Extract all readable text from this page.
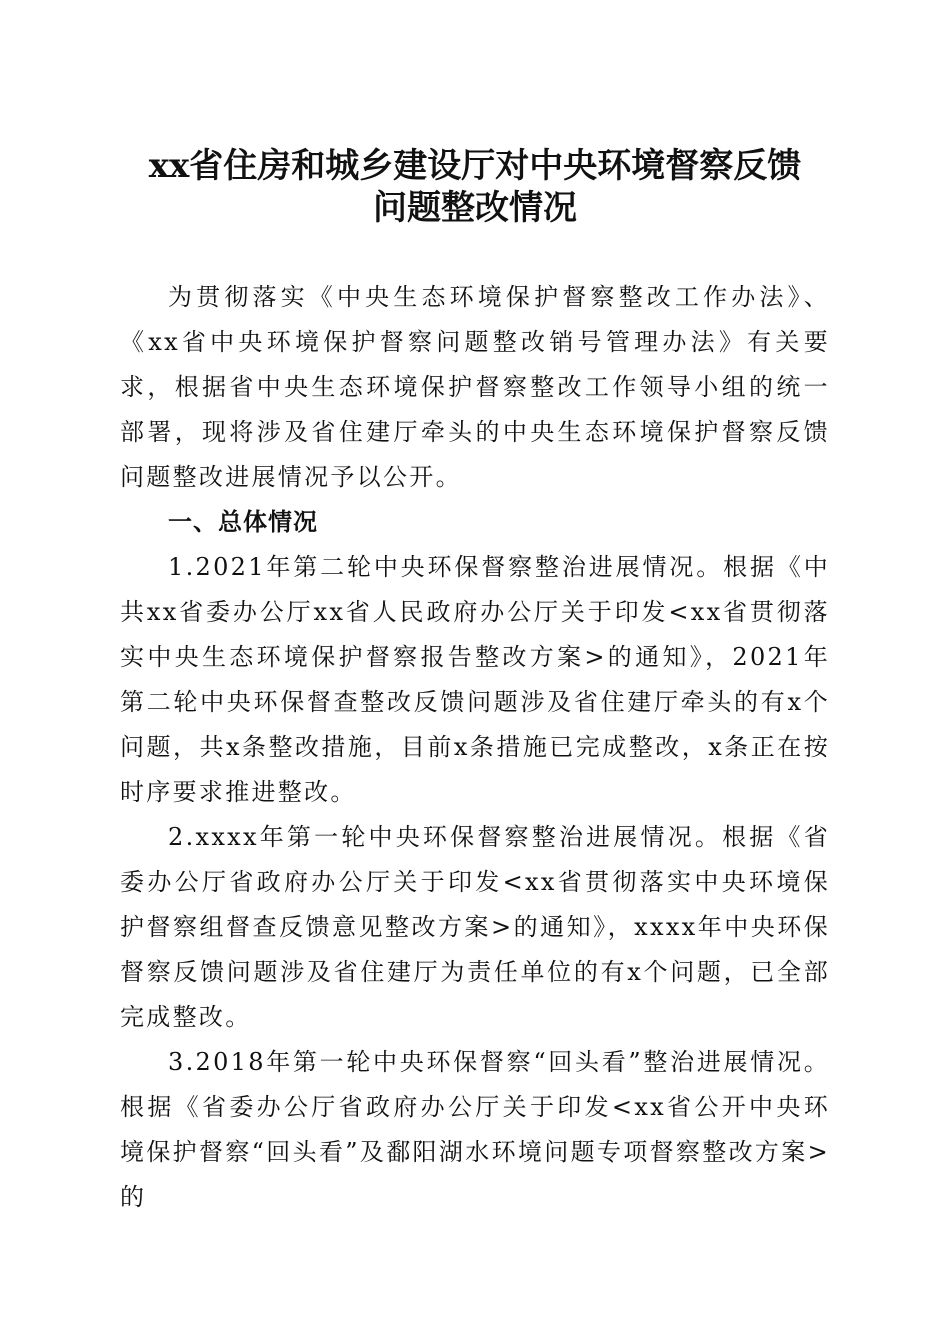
xx省住房和城乡建设厅对中央环境督察反馈
问题整改情况

为贯彻落实《中央生态环境保护督察整改工作办法》、《xx省中央环境保护督察问题整改销号管理办法》有关要求，根据省中央生态环境保护督察整改工作领导小组的统一部署，现将涉及省住建厅牵头的中央生态环境保护督察反馈问题整改进展情况予以公开。

一、总体情况

1.2021年第二轮中央环保督察整治进展情况。根据《中共xx省委办公厅xx省人民政府办公厅关于印发<xx省贯彻落实中央生态环境保护督察报告整改方案>的通知》，2021年第二轮中央环保督查整改反馈问题涉及省住建厅牵头的有x个问题，共x条整改措施，目前x条措施已完成整改，x条正在按时序要求推进整改。

2.xxxx年第一轮中央环保督察整治进展情况。根据《省委办公厅省政府办公厅关于印发<xx省贯彻落实中央环境保护督察组督查反馈意见整改方案>的通知》，xxxx年中央环保督察反馈问题涉及省住建厅为责任单位的有x个问题，已全部完成整改。

3.2018年第一轮中央环保督察“回头看”整治进展情况。根据《省委办公厅省政府办公厅关于印发<xx省公开中央环境保护督察“回头看”及鄱阳湖水环境问题专项督察整改方案>的
